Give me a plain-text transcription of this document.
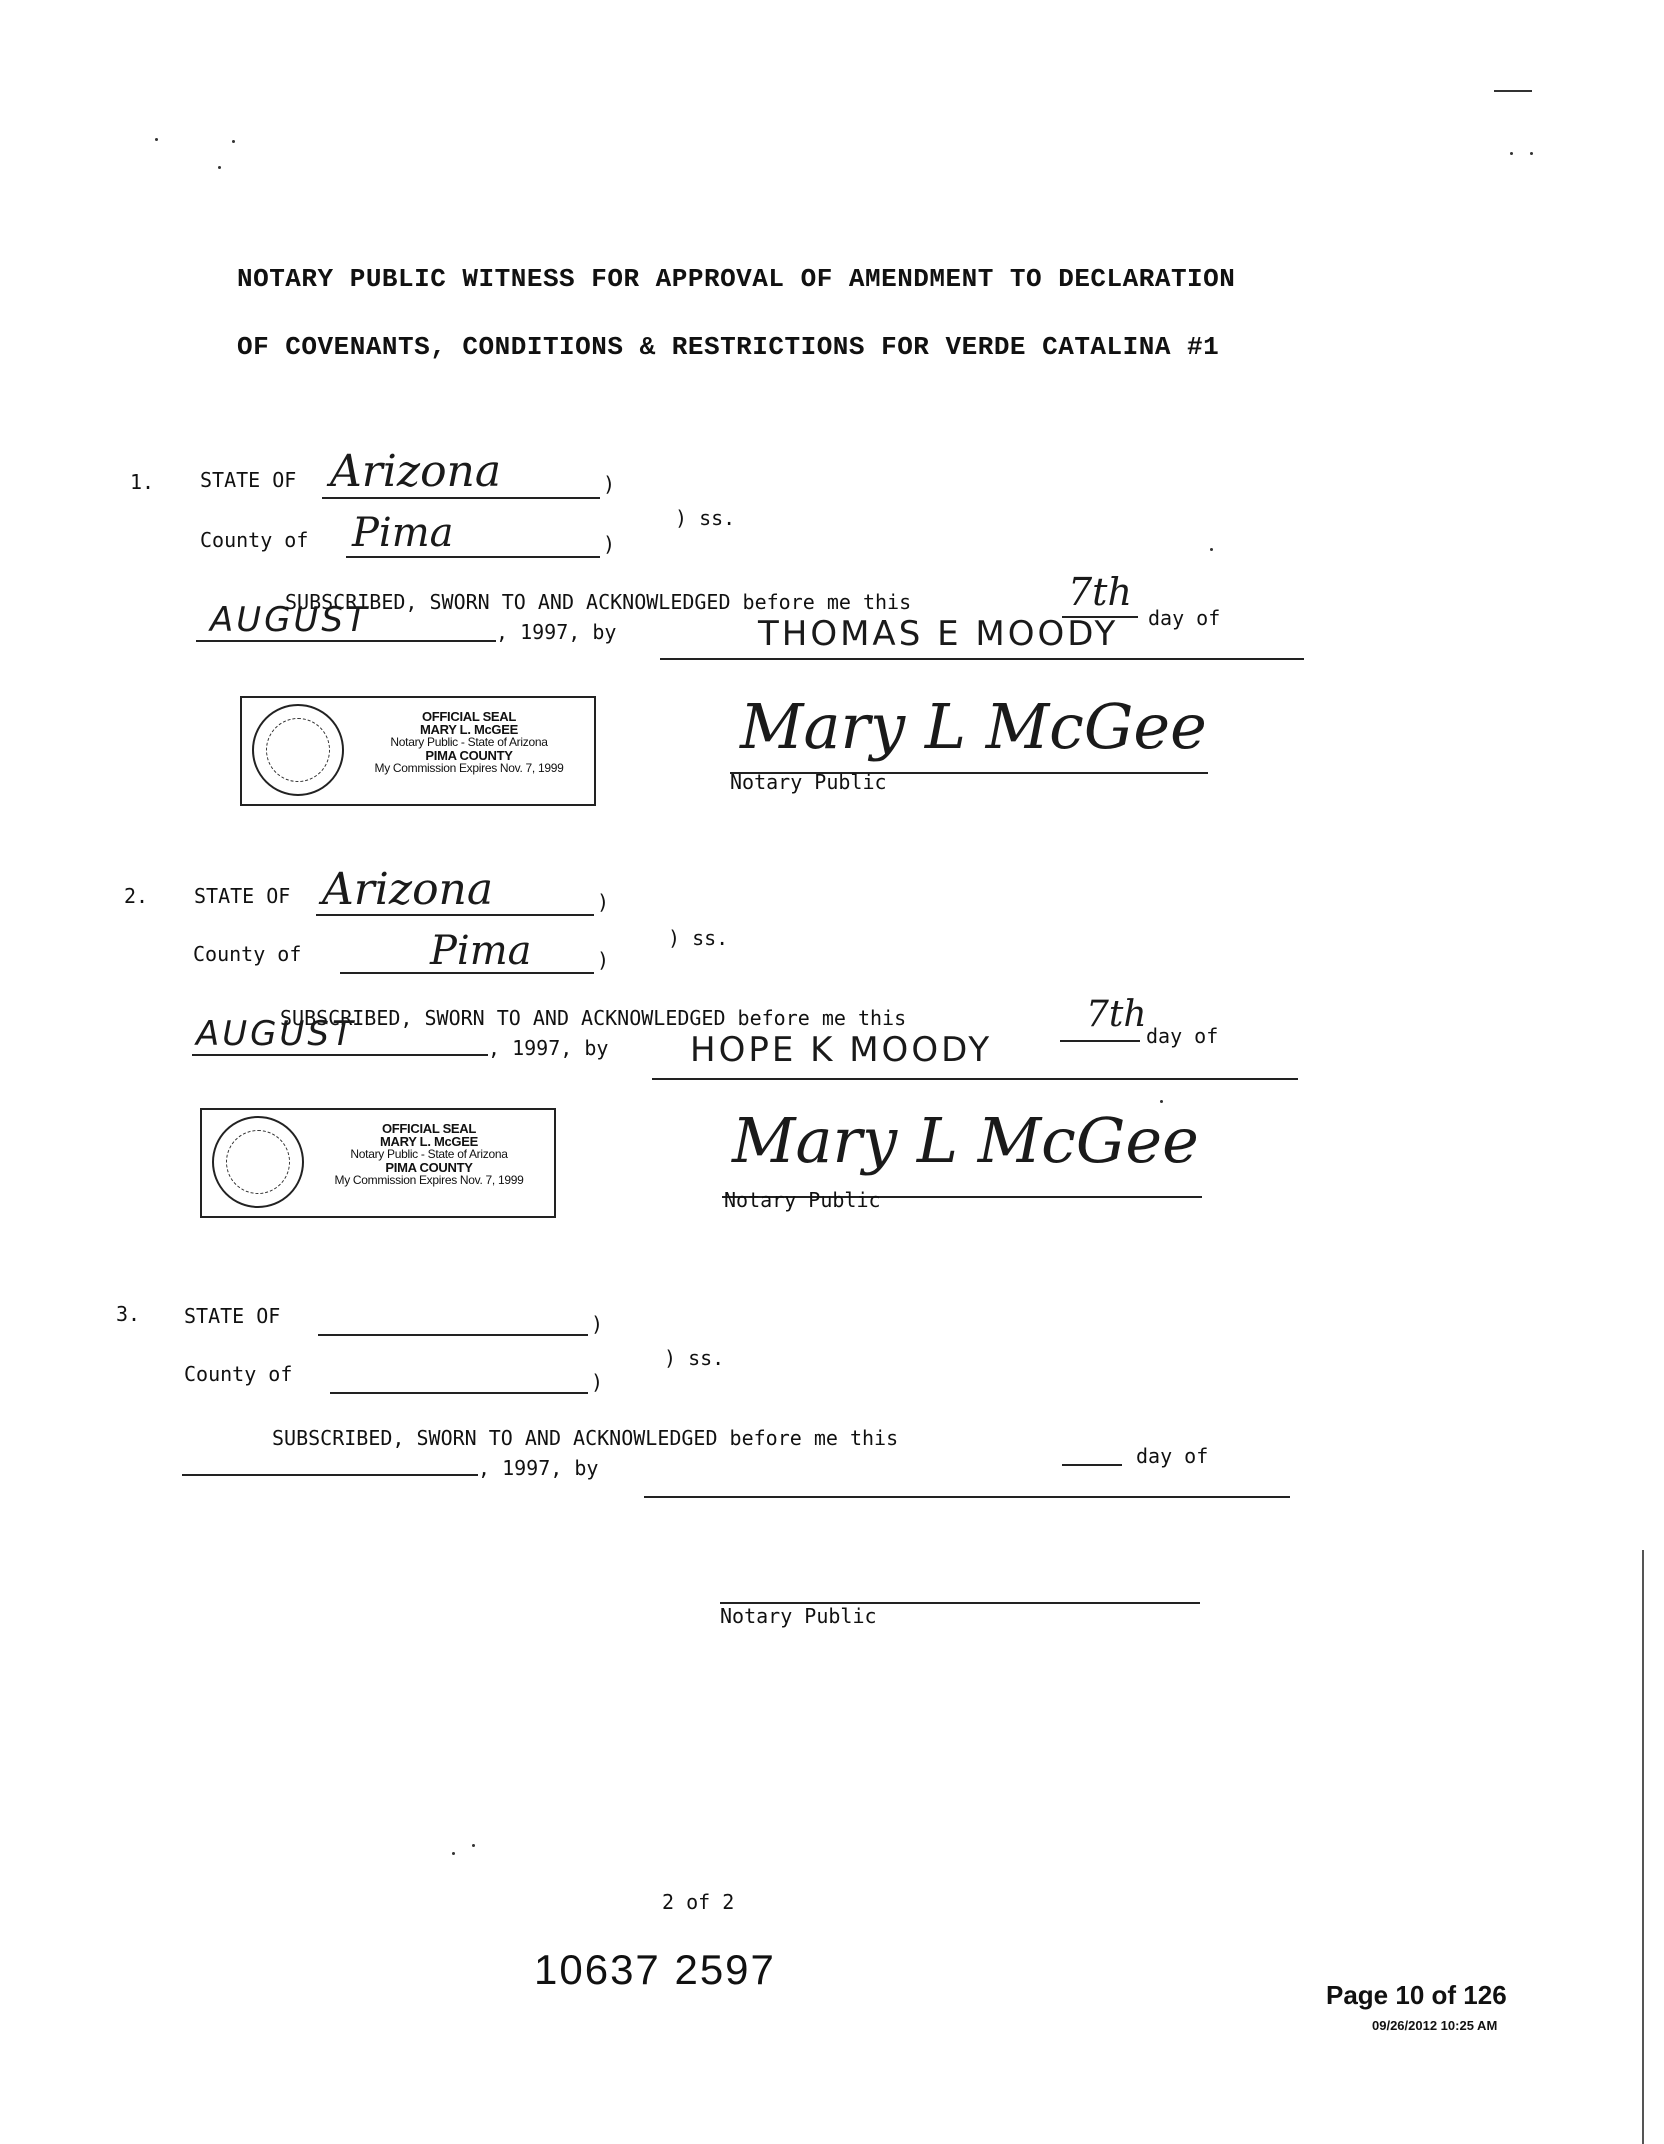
NOTARY PUBLIC WITNESS FOR APPROVAL OF AMENDMENT TO DECLARATION
OF COVENANTS, CONDITIONS & RESTRICTIONS FOR VERDE CATALINA #1
1. STATE OF	)
Arizona
) ss.
County of	)
Pima
SUBSCRIBED, SWORN TO AND ACKNOWLEDGED before me this	7th
day of
AUGUST	, 1997, by	THOMAS E MOODY
OFFICIAL SEAL
MARY L. McGEE
Notary Public - State of Arizona
PIMA COUNTY
My Commission Expires Nov. 7, 1999
Mary L McGee
Notary Public
2. STATE OF	)
Arizona
) ss.
County of	)
Pima
SUBSCRIBED, SWORN TO AND ACKNOWLEDGED before me this	7th
day of
AUGUST	, 1997, by HOPE K MOODY
OFFICIAL SEAL
MARY L. McGEE
Notary Public - State of Arizona
PIMA COUNTY
My Commission Expires Nov. 7, 1999
Mary L McGee
Notary Public
3. STATE OF	)
) ss.
County of	)
SUBSCRIBED, SWORN TO AND ACKNOWLEDGED before me this
day of
, 1997, by
Notary Public
2 of 2
10637 2597
Page 10 of 126
09/26/2012 10:25 AM
